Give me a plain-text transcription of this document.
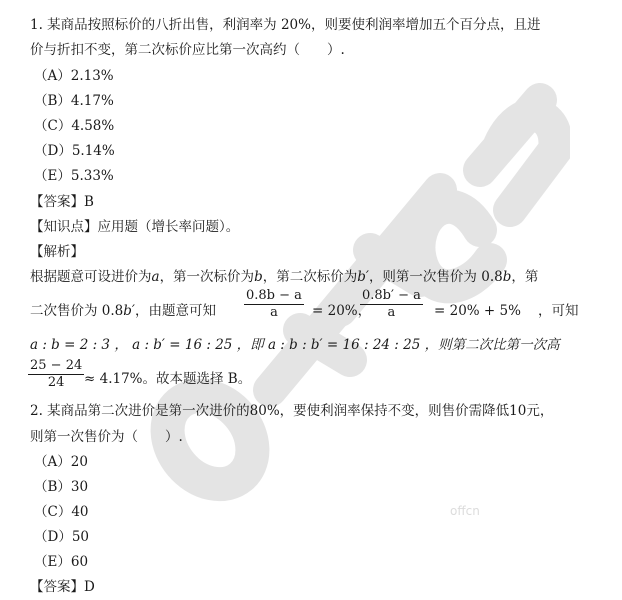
offcn
1. 某商品按照标价的八折出售，利润率为 20%，则要使利润率增加五个百分点，且进
价与折扣不变，第二次标价应比第一次高约（　　）.
（A）2.13%
（B）4.17%
（C）4.58%
（D）5.14%
（E）5.33%
【答案】B
【知识点】应用题（增长率问题）。
【解析】
根据题意可设进价为a，第一次标价为b，第二次标价为b′，则第一次售价为 0.8b，第
二次售价为 0.8b′，由题意可知
0.8b − a
a	= 20%，
0.8b′ − a
a	= 20% + 5% ，可知
a : b = 2 : 3 ， a : b′ = 16 : 25 ，即 a : b : b′ = 16 : 24 : 25 ，则第二次比第一次高
25 − 24
24	≈ 4.17%。故本题选择 B。
2. 某商品第二次进价是第一次进价的80%，要使利润率保持不变，则售价需降低10元，
则第一次售价为（　　）.
（A）20
（B）30
（C）40
（D）50
（E）60
【答案】D
